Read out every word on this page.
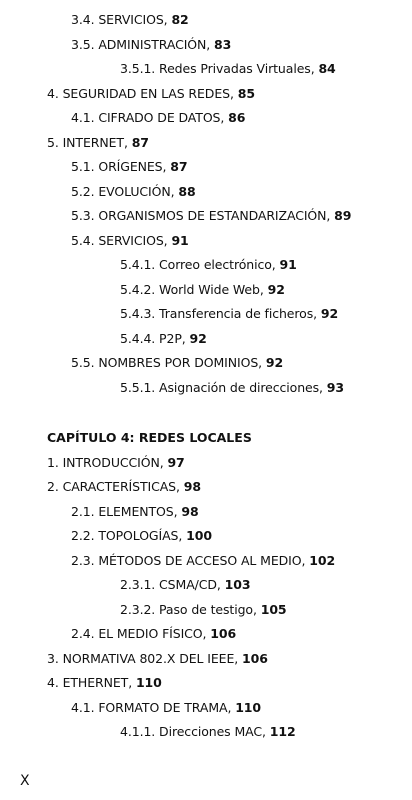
3.4. SERVICIOS, 82
3.5. ADMINISTRACIÓN, 83
3.5.1. Redes Privadas Virtuales, 84
4. SEGURIDAD EN LAS REDES, 85
4.1. CIFRADO DE DATOS, 86
5. INTERNET, 87
5.1. ORÍGENES, 87
5.2. EVOLUCIÓN, 88
5.3. ORGANISMOS DE ESTANDARIZACIÓN, 89
5.4. SERVICIOS, 91
5.4.1. Correo electrónico, 91
5.4.2. World Wide Web, 92
5.4.3. Transferencia de ficheros, 92
5.4.4. P2P, 92
5.5. NOMBRES POR DOMINIOS, 92
5.5.1. Asignación de direcciones, 93
CAPÍTULO 4: REDES LOCALES
1. INTRODUCCIÓN, 97
2. CARACTERÍSTICAS, 98
2.1. ELEMENTOS, 98
2.2. TOPOLOGÍAS, 100
2.3. MÉTODOS DE ACCESO AL MEDIO, 102
2.3.1. CSMA/CD, 103
2.3.2. Paso de testigo, 105
2.4. EL MEDIO FÍSICO, 106
3. NORMATIVA 802.X DEL IEEE, 106
4. ETHERNET, 110
4.1. FORMATO DE TRAMA, 110
4.1.1. Direcciones MAC, 112
X
